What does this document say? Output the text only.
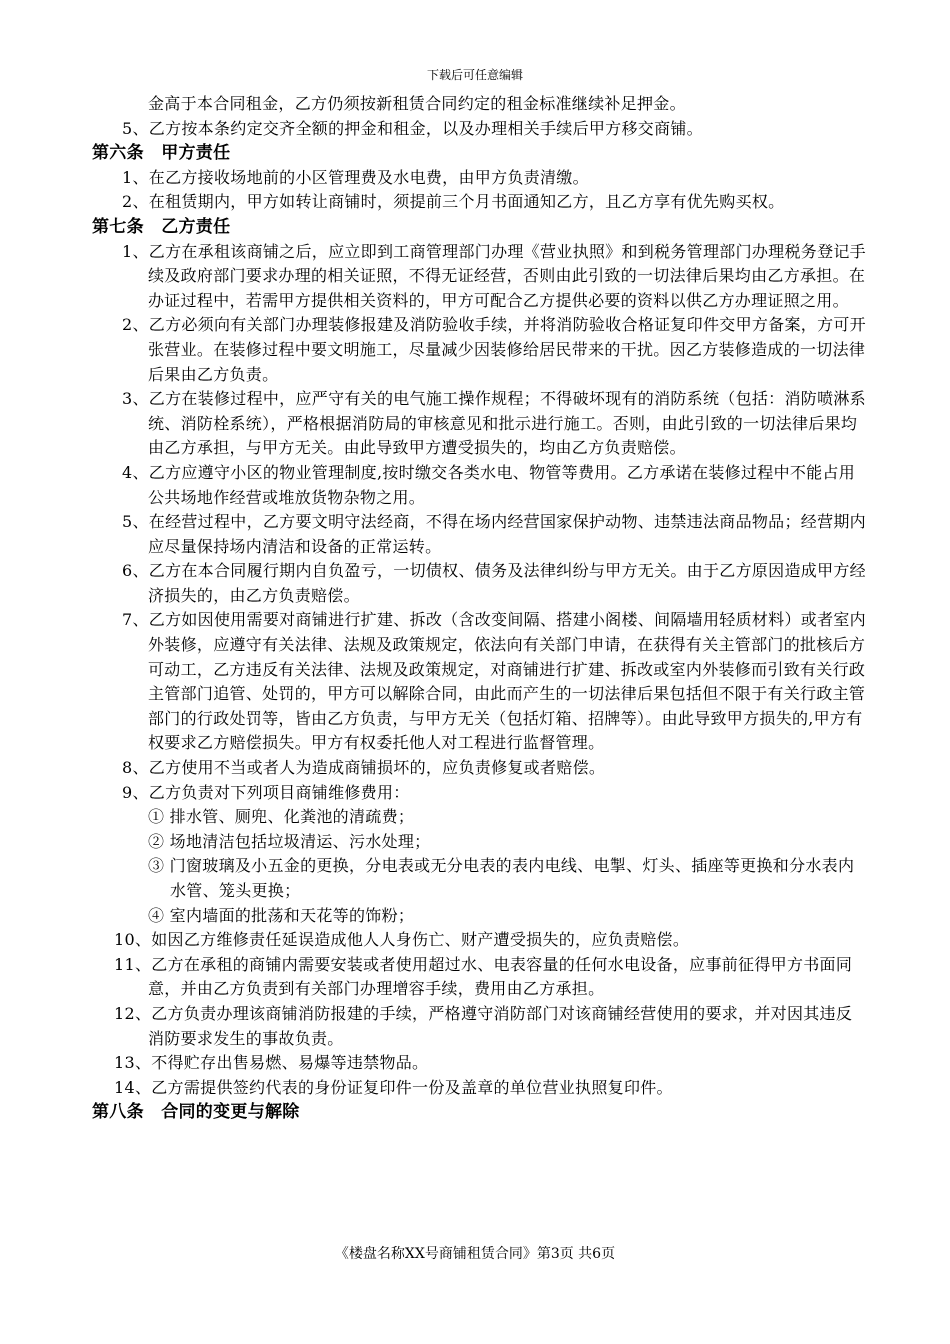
下载后可任意编辑

金高于本合同租金，乙方仍须按新租赁合同约定的租金标准继续补足押金。

5、乙方按本条约定交齐全额的押金和租金，以及办理相关手续后甲方移交商铺。

第六条　甲方责任

1、在乙方接收场地前的小区管理费及水电费，由甲方负责清缴。

2、在租赁期内，甲方如转让商铺时，须提前三个月书面通知乙方，且乙方享有优先购买权。

第七条　乙方责任

1、乙方在承租该商铺之后，应立即到工商管理部门办理《营业执照》和到税务管理部门办理税务登记手续及政府部门要求办理的相关证照，不得无证经营，否则由此引致的一切法律后果均由乙方承担。在办证过程中，若需甲方提供相关资料的，甲方可配合乙方提供必要的资料以供乙方办理证照之用。

2、乙方必须向有关部门办理装修报建及消防验收手续，并将消防验收合格证复印件交甲方备案，方可开张营业。在装修过程中要文明施工，尽量减少因装修给居民带来的干扰。因乙方装修造成的一切法律后果由乙方负责。

3、乙方在装修过程中，应严守有关的电气施工操作规程；不得破坏现有的消防系统（包括：消防喷淋系统、消防栓系统），严格根据消防局的审核意见和批示进行施工。否则，由此引致的一切法律后果均由乙方承担，与甲方无关。由此导致甲方遭受损失的，均由乙方负责赔偿。

4、乙方应遵守小区的物业管理制度,按时缴交各类水电、物管等费用。乙方承诺在装修过程中不能占用公共场地作经营或堆放货物杂物之用。

5、在经营过程中，乙方要文明守法经商，不得在场内经营国家保护动物、违禁违法商品物品；经营期内应尽量保持场内清洁和设备的正常运转。

6、乙方在本合同履行期内自负盈亏，一切债权、债务及法律纠纷与甲方无关。由于乙方原因造成甲方经济损失的，由乙方负责赔偿。

7、乙方如因使用需要对商铺进行扩建、拆改（含改变间隔、搭建小阁楼、间隔墙用轻质材料）或者室内外装修，应遵守有关法律、法规及政策规定，依法向有关部门申请，在获得有关主管部门的批核后方可动工，乙方违反有关法律、法规及政策规定，对商铺进行扩建、拆改或室内外装修而引致有关行政主管部门追管、处罚的，甲方可以解除合同，由此而产生的一切法律后果包括但不限于有关行政主管部门的行政处罚等，皆由乙方负责，与甲方无关（包括灯箱、招牌等）。由此导致甲方损失的,甲方有权要求乙方赔偿损失。甲方有权委托他人对工程进行监督管理。

8、乙方使用不当或者人为造成商铺损坏的，应负责修复或者赔偿。

9、乙方负责对下列项目商铺维修费用：

① 排水管、厕兜、化粪池的清疏费；

② 场地清洁包括垃圾清运、污水处理；

③ 门窗玻璃及小五金的更换，分电表或无分电表的表内电线、电掣、灯头、插座等更换和分水表内水管、笼头更换；

④ 室内墙面的批荡和天花等的饰粉；

10、如因乙方维修责任延误造成他人人身伤亡、财产遭受损失的，应负责赔偿。

11、乙方在承租的商铺内需要安装或者使用超过水、电表容量的任何水电设备，应事前征得甲方书面同意，并由乙方负责到有关部门办理增容手续，费用由乙方承担。

12、乙方负责办理该商铺消防报建的手续，严格遵守消防部门对该商铺经营使用的要求，并对因其违反消防要求发生的事故负责。

13、不得贮存出售易燃、易爆等违禁物品。

14、乙方需提供签约代表的身份证复印件一份及盖章的单位营业执照复印件。

第八条　合同的变更与解除

《楼盘名称XX号商铺租赁合同》第3页 共6页
